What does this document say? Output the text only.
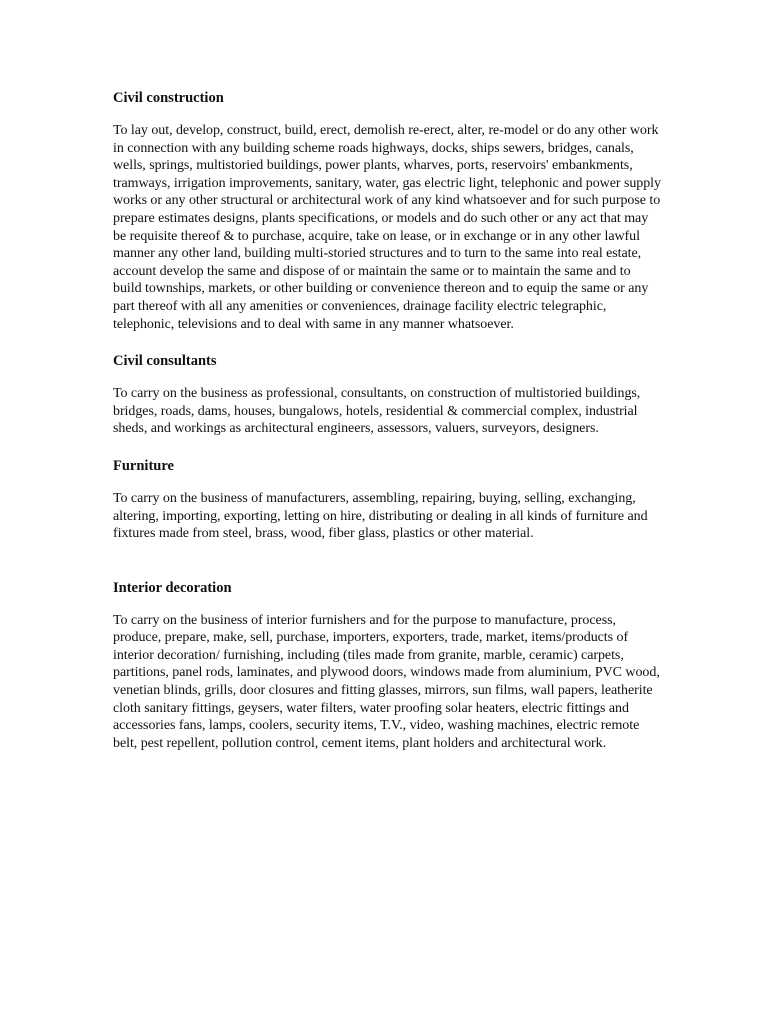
Civil construction

To lay out, develop, construct, build, erect, demolish re-erect, alter, re-model or do any other work in connection with any building scheme roads highways, docks, ships sewers, bridges, canals, wells, springs, multistoried buildings, power plants, wharves, ports, reservoirs' embankments, tramways, irrigation improvements, sanitary, water, gas electric light, telephonic and power supply works or any other structural or architectural work of any kind whatsoever and for such purpose to prepare estimates designs, plants specifications, or models and do such other or any act that may be requisite thereof & to purchase, acquire, take on lease, or in exchange or in any other lawful manner any other land, building multi-storied structures and to turn to the same into real estate, account develop the same and dispose of or maintain the same or to maintain the same and to build townships, markets, or other building or convenience thereon and to equip the same or any part thereof with all any amenities or conveniences, drainage facility electric telegraphic, telephonic, televisions and to deal with same in any manner whatsoever.

Civil consultants

To carry on the business as professional, consultants, on construction of multistoried buildings, bridges, roads, dams, houses, bungalows, hotels, residential & commercial complex, industrial sheds, and workings as architectural engineers, assessors, valuers, surveyors, designers.

Furniture

To carry on the business of manufacturers, assembling, repairing, buying, selling, exchanging, altering, importing, exporting, letting on hire, distributing or dealing in all kinds of furniture and fixtures made from steel, brass, wood, fiber glass, plastics or other material.

Interior decoration

To carry on the business of interior furnishers and for the purpose to manufacture, process, produce, prepare, make, sell, purchase, importers, exporters, trade, market, items/products of interior decoration/ furnishing, including (tiles made from granite, marble, ceramic) carpets, partitions, panel rods, laminates, and plywood doors, windows made from aluminium, PVC wood, venetian blinds, grills, door closures and fitting glasses, mirrors, sun films, wall papers, leatherite cloth sanitary fittings, geysers, water filters, water proofing solar heaters, electric fittings and accessories fans, lamps, coolers, security items, T.V., video, washing machines, electric remote belt, pest repellent, pollution control, cement items, plant holders and architectural work.
